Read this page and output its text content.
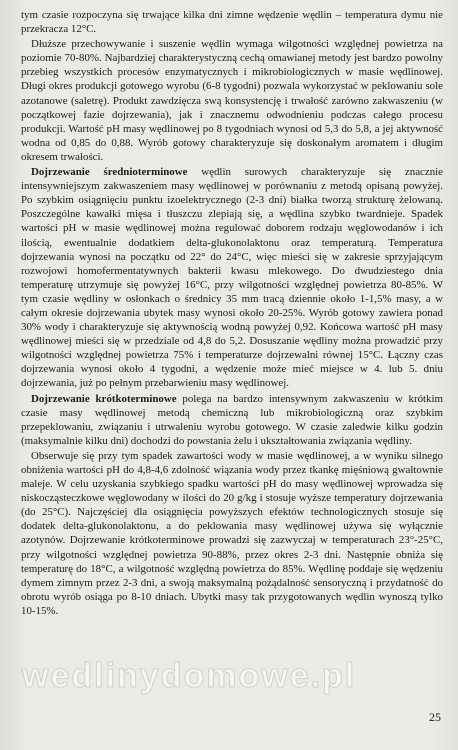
tym czasie rozpoczyna się trwające kilka dni zimne wędzenie wędlin – temperatura dymu nie przekracza 12°C.

Dłuższe przechowywanie i suszenie wędlin wymaga wilgotności względnej powietrza na poziomie 70-80%. Najbardziej charakterystyczną cechą omawianej metody jest bardzo powolny przebieg wszystkich procesów enzymatycznych i mikrobiologicznych w masie wędlinowej. Długi okres produkcji gotowego wyrobu (6-8 tygodni) pozwala wykorzystać w peklowaniu sole azotanowe (saletrę). Produkt zawdzięcza swą konsystencję i trwałość zarówno zakwaszeniu (w początkowej fazie dojrzewania), jak i znacznemu odwodnieniu podczas całego procesu produkcji. Wartość pH masy wędlinowej po 8 tygodniach wynosi od 5,3 do 5,8, a jej aktywność wodna od 0,85 do 0,88. Wyrób gotowy charakteryzuje się doskonałym aromatem i długim okresem trwałości.

Dojrzewanie średnioterminowe wędlin surowych charakteryzuje się znacznie intensywniejszym zakwaszeniem masy wędlinowej w porównaniu z metodą opisaną powyżej. Po szybkim osiągnięciu punktu izoelektrycznego (2-3 dni) białka tworzą strukturę żelowaną. Poszczególne kawałki mięsa i tłuszczu zlepiają się, a wędlina szybko twardnieje. Spadek wartości pH w masie wędlinowej można regulować doborem rodzaju węglowodanów i ich ilością, ewentualnie dodatkiem delta-glukonolaktonu oraz temperaturą. Temperatura dojrzewania wynosi na początku od 22° do 24°C, więc mieści się w zakresie sprzyjającym rozwojowi homofermentatywnych bakterii kwasu mlekowego. Do dwudziestego dnia temperaturę utrzymuje się powyżej 16°C, przy wilgotności względnej powietrza 80-85%. W tym czasie wędliny w osłonkach o średnicy 35 mm tracą dziennie około 1-1,5% masy, a w całym okresie dojrzewania ubytek masy wynosi około 20-25%. Wyrób gotowy zawiera ponad 30% wody i charakteryzuje się aktywnością wodną powyżej 0,92. Końcowa wartość pH masy wędlinowej mieści się w przedziale od 4,8 do 5,2. Dosuszanie wędliny można prowadzić przy wilgotności względnej powietrza 75% i temperaturze dojrzewalni równej 15°C. Łączny czas dojrzewania wynosi około 4 tygodni, a wędzenie może mieć miejsce w 4. lub 5. dniu dojrzewania, już po pełnym przebarwieniu masy wędlinowej.

Dojrzewanie krótkoterminowe polega na bardzo intensywnym zakwaszeniu w krótkim czasie masy wędlinowej metodą chemiczną lub mikrobiologiczną oraz szybkim przepeklowaniu, związaniu i utrwaleniu wyrobu gotowego. W czasie zaledwie kilku godzin (maksymalnie kilku dni) dochodzi do powstania żelu i ukształtowania związania wędliny.

Obserwuje się przy tym spadek zawartości wody w masie wędlinowej, a w wyniku silnego obniżenia wartości pH do 4,8-4,6 zdolność wiązania wody przez tkankę mięśniową gwałtownie maleje. W celu uzyskania szybkiego spadku wartości pH do masy wędlinowej wprowadza się niskocząsteczkowe węglowodany w ilości do 20 g/kg i stosuje wyższe temperatury dojrzewania (do 25°C). Najczęściej dla osiągnięcia powyższych efektów technologicznych stosuje się dodatek delta-glukonolaktonu, a do peklowania masy wędlinowej używa się wyłącznie azotynów. Dojrzewanie krótkoterminowe prowadzi się zazwyczaj w temperaturach 23°-25°C, przy wilgotności względnej powietrza 90-88%, przez okres 2-3 dni. Następnie obniża się temperaturę do 18°C, a wilgotność względną powietrza do 85%. Wędlinę poddaje się wędzeniu dymem zimnym przez 2-3 dni, a swoją maksymalną pożądalność sensoryczną i przydatność do obrotu wyrób osiąga po 8-10 dniach. Ubytki masy tak przygotowanych wędlin wynoszą tylko 10-15%.

wedlinydomowe.pl
25
